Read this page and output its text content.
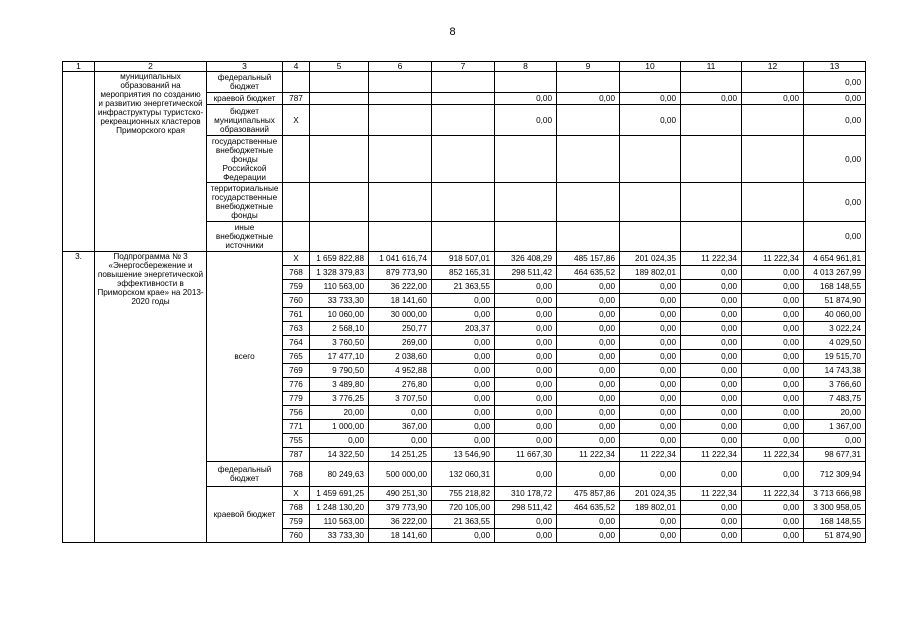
8
1	2	3	4	5	6	7	8	9	10	11	12	13
	муниципальных образований на мероприятия по созданию и развитию энергетической инфраструктуры туристско-рекреационных кластеров Приморского края	федеральный бюджет										0,00
		краевой бюджет	787				0,00	0,00	0,00	0,00	0,00	0,00
		бюджет муниципальных образований	X				0,00		0,00			0,00
		государственные внебюджетные фонды Российской Федерации										0,00
		территориальные государственные внебюджетные фонды										0,00
		иные внебюджетные источники										0,00
3.	Подпрограмма № 3 «Энергосбережение и повышение энергетической эффективности в Приморском крае» на 2013-2020 годы	всего	X	1 659 822,88	1 041 616,74	918 507,01	326 408,29	485 157,86	201 024,35	11 222,34	11 222,34	4 654 961,81
			768	1 328 379,83	879 773,90	852 165,31	298 511,42	464 635,52	189 802,01	0,00	0,00	4 013 267,99
			759	110 563,00	36 222,00	21 363,55	0,00	0,00	0,00	0,00	0,00	168 148,55
			760	33 733,30	18 141,60	0,00	0,00	0,00	0,00	0,00	0,00	51 874,90
			761	10 060,00	30 000,00	0,00	0,00	0,00	0,00	0,00	0,00	40 060,00
			763	2 568,10	250,77	203,37	0,00	0,00	0,00	0,00	0,00	3 022,24
			764	3 760,50	269,00	0,00	0,00	0,00	0,00	0,00	0,00	4 029,50
			765	17 477,10	2 038,60	0,00	0,00	0,00	0,00	0,00	0,00	19 515,70
			769	9 790,50	4 952,88	0,00	0,00	0,00	0,00	0,00	0,00	14 743,38
			776	3 489,80	276,80	0,00	0,00	0,00	0,00	0,00	0,00	3 766,60
			779	3 776,25	3 707,50	0,00	0,00	0,00	0,00	0,00	0,00	7 483,75
			756	20,00	0,00	0,00	0,00	0,00	0,00	0,00	0,00	20,00
			771	1 000,00	367,00	0,00	0,00	0,00	0,00	0,00	0,00	1 367,00
			755	0,00	0,00	0,00	0,00	0,00	0,00	0,00	0,00	0,00
			787	14 322,50	14 251,25	13 546,90	11 667,30	11 222,34	11 222,34	11 222,34	11 222,34	98 677,31
		федеральный бюджет	768	80 249,63	500 000,00	132 060,31	0,00	0,00	0,00	0,00	0,00	712 309,94
		краевой бюджет	X	1 459 691,25	490 251,30	755 218,82	310 178,72	475 857,86	201 024,35	11 222,34	11 222,34	3 713 666,98
			768	1 248 130,20	379 773,90	720 105,00	298 511,42	464 635,52	189 802,01	0,00	0,00	3 300 958,05
			759	110 563,00	36 222,00	21 363,55	0,00	0,00	0,00	0,00	0,00	168 148,55
			760	33 733,30	18 141,60	0,00	0,00	0,00	0,00	0,00	0,00	51 874,90
